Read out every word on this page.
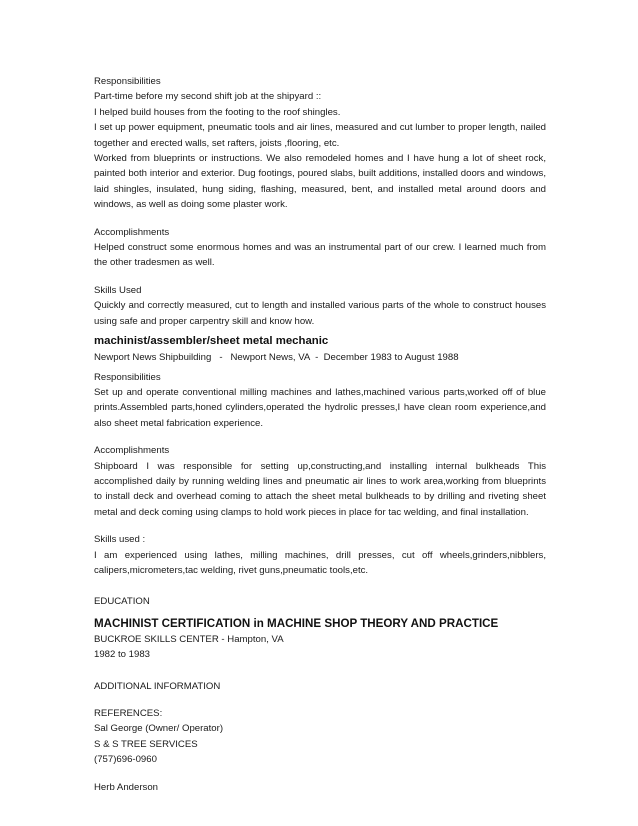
Responsibilities

Part-time before my second shift job at the shipyard ::

I helped build houses from the footing to the roof shingles.

I set up power equipment, pneumatic tools and air lines, measured and cut lumber to proper length, nailed together and erected walls, set rafters, joists ,flooring, etc.

Worked from blueprints or instructions. We also remodeled homes and I have hung a lot of sheet rock, painted both interior and exterior. Dug footings, poured slabs, built additions, installed doors and windows, laid shingles, insulated, hung siding, flashing, measured, bent, and installed metal around doors and windows, as well as doing some plaster work.

Accomplishments

Helped construct some enormous homes and was an instrumental part of our crew. I learned much from the other tradesmen as well.

Skills Used

Quickly and correctly measured, cut to length and installed various parts of the whole to construct houses using safe and proper carpentry skill and know how.

machinist/assembler/sheet metal mechanic

Newport News Shipbuilding   -   Newport News, VA  -  December 1983 to August 1988

Responsibilities

Set up and operate conventional milling machines and lathes,machined various parts,worked off of blue prints.Assembled parts,honed cylinders,operated the hydrolic presses,I have clean room experience,and also sheet metal fabrication experience.

Accomplishments

Shipboard I was responsible for setting up,constructing,and installing internal bulkheads This accomplished daily by running welding lines and pneumatic air lines to work area,working from blueprints to install deck and overhead coming to attach the sheet metal bulkheads to by drilling and riveting sheet metal and deck coming using clamps to hold work pieces in place for tac welding, and final installation.

Skills used :

I am experienced using lathes, milling machines, drill presses, cut off wheels,grinders,nibblers, calipers,micrometers,tac welding, rivet guns,pneumatic tools,etc.

EDUCATION

MACHINIST CERTIFICATION in MACHINE SHOP THEORY AND PRACTICE

BUCKROE SKILLS CENTER - Hampton, VA

1982 to 1983

ADDITIONAL INFORMATION

REFERENCES:

Sal George (Owner/ Operator)

S & S TREE SERVICES

(757)696-0960

Herb Anderson
